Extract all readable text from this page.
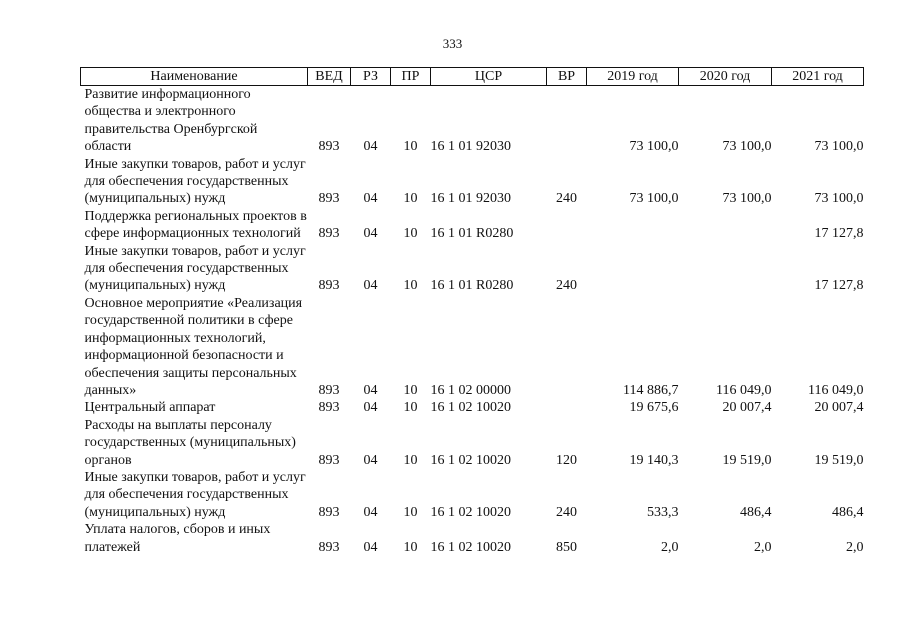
333
Наименование	ВЕД	РЗ	ПР	ЦСР	ВР	2019 год	2020 год	2021 год
Развитие информационного общества и электронного правительства Оренбургской области	893	04	10	16 1 01 92030		73 100,0	73 100,0	73 100,0
Иные закупки товаров, работ и услуг для обеспечения государственных (муниципальных) нужд	893	04	10	16 1 01 92030	240	73 100,0	73 100,0	73 100,0
Поддержка региональных проектов в сфере информационных технологий	893	04	10	16 1 01 R0280				17 127,8
Иные закупки товаров, работ и услуг для обеспечения государственных (муниципальных) нужд	893	04	10	16 1 01 R0280	240			17 127,8
Основное мероприятие «Реализация государственной политики в сфере информационных технологий, информационной безопасности и обеспечения защиты персональных данных»	893	04	10	16 1 02 00000		114 886,7	116 049,0	116 049,0
Центральный аппарат	893	04	10	16 1 02 10020		19 675,6	20 007,4	20 007,4
Расходы на выплаты персоналу государственных (муниципальных) органов	893	04	10	16 1 02 10020	120	19 140,3	19 519,0	19 519,0
Иные закупки товаров, работ и услуг для обеспечения государственных (муниципальных) нужд	893	04	10	16 1 02 10020	240	533,3	486,4	486,4
Уплата налогов, сборов и иных платежей	893	04	10	16 1 02 10020	850	2,0	2,0	2,0
